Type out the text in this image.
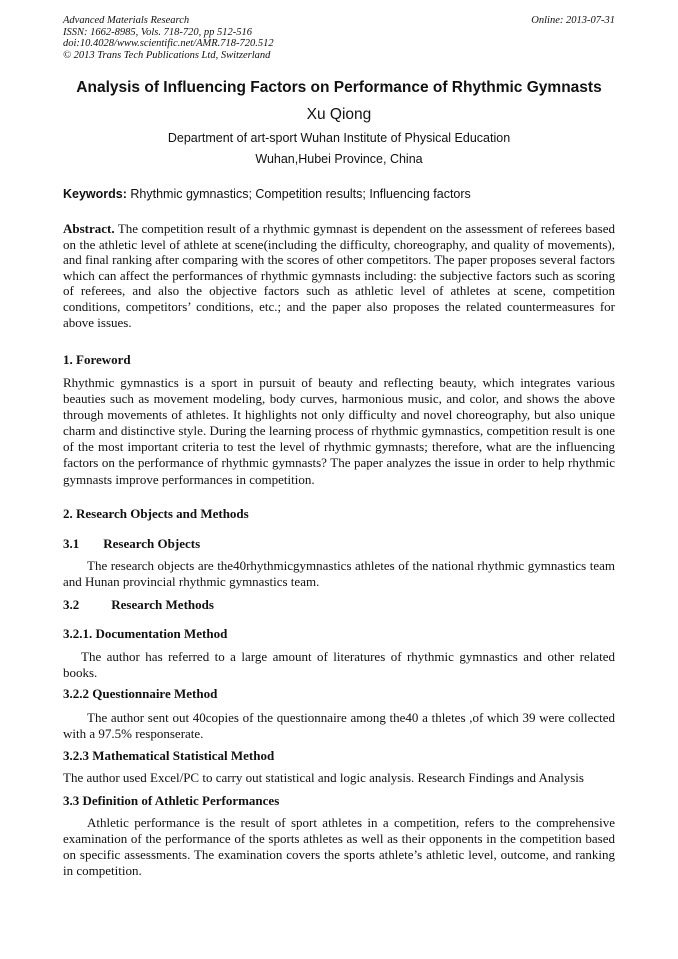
Advanced Materials Research
ISSN: 1662-8985, Vols. 718-720, pp 512-516
doi:10.4028/www.scientific.net/AMR.718-720.512
© 2013 Trans Tech Publications Ltd, Switzerland
Online: 2013-07-31
Analysis of Influencing Factors on Performance of Rhythmic Gymnasts
Xu Qiong
Department of art-sport Wuhan Institute of Physical Education
Wuhan,Hubei Province, China
Keywords: Rhythmic gymnastics; Competition results; Influencing factors
Abstract. The competition result of a rhythmic gymnast is dependent on the assessment of referees based on the athletic level of athlete at scene(including the difficulty, choreography, and quality of movements), and final ranking after comparing with the scores of other competitors. The paper proposes several factors which can affect the performances of rhythmic gymnasts including: the subjective factors such as scoring of referees, and also the objective factors such as athletic level of athletes at scene, competition conditions, competitors’ conditions, etc.; and the paper also proposes the related countermeasures for above issues.
1. Foreword
Rhythmic gymnastics is a sport in pursuit of beauty and reflecting beauty, which integrates various beauties such as movement modeling, body curves, harmonious music, and color, and shows the above through movements of athletes. It highlights not only difficulty and novel choreography, but also unique charm and distinctive style. During the learning process of rhythmic gymnastics, competition result is one of the most important criteria to test the level of rhythmic gymnasts; therefore, what are the influencing factors on the performance of rhythmic gymnasts? The paper analyzes the issue in order to help rhythmic gymnasts improve performances in competition.
2. Research Objects and Methods
3.1 Research Objects
The research objects are the40rhythmicgymnastics athletes of the national rhythmic gymnastics team and Hunan provincial rhythmic gymnastics team.
3.2 Research Methods
3.2.1. Documentation Method
The author has referred to a large amount of literatures of rhythmic gymnastics and other related books.
3.2.2 Questionnaire Method
The author sent out 40copies of the questionnaire among the40 a thletes ,of which 39 were collected with a 97.5% responserate.
3.2.3 Mathematical Statistical Method
The author used Excel/PC to carry out statistical and logic analysis. Research Findings and Analysis
3.3 Definition of Athletic Performances
Athletic performance is the result of sport athletes in a competition, refers to the comprehensive examination of the performance of the sports athletes as well as their opponents in the competition based on specific assessments. The examination covers the sports athlete’s athletic level, outcome, and ranking in competition.
